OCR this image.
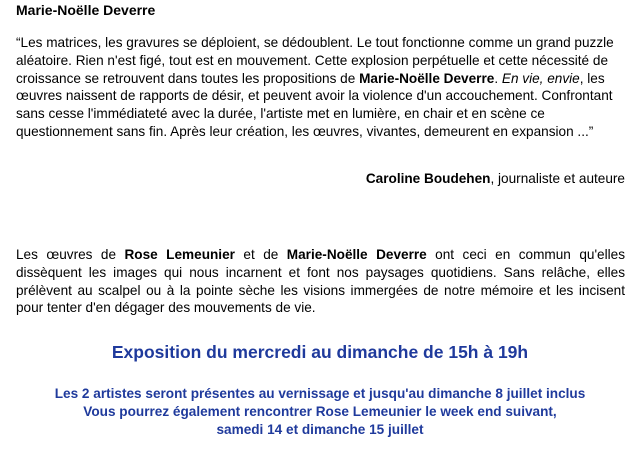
Marie-Noëlle Deverre

“Les matrices, les gravures se déploient, se dédoublent. Le tout fonctionne comme un grand puzzle aléatoire. Rien n'est figé, tout est en mouvement. Cette explosion perpétuelle et cette nécessité de croissance se retrouvent dans toutes les propositions de Marie-Noëlle Deverre. En vie, envie, les œuvres naissent de rapports de désir, et peuvent avoir la violence d'un accouchement. Confrontant sans cesse l'immédiateté avec la durée, l'artiste met en lumière, en chair et en scène ce questionnement sans fin. Après leur création, les œuvres, vivantes, demeurent en expansion ...”

Caroline Boudehen, journaliste et auteure

Les œuvres de Rose Lemeunier et de Marie-Noëlle Deverre ont ceci en commun qu'elles dissèquent les images qui nous incarnent et font nos paysages quotidiens. Sans relâche, elles prélèvent au scalpel ou à la pointe sèche les visions immergées de notre mémoire et les incisent pour tenter d'en dégager des mouvements de vie.

Exposition du mercredi au dimanche de 15h à 19h
Les 2 artistes seront présentes au vernissage et jusqu'au dimanche 8 juillet inclus
Vous pourrez également rencontrer Rose Lemeunier le week end suivant,
samedi 14 et dimanche 15 juillet
